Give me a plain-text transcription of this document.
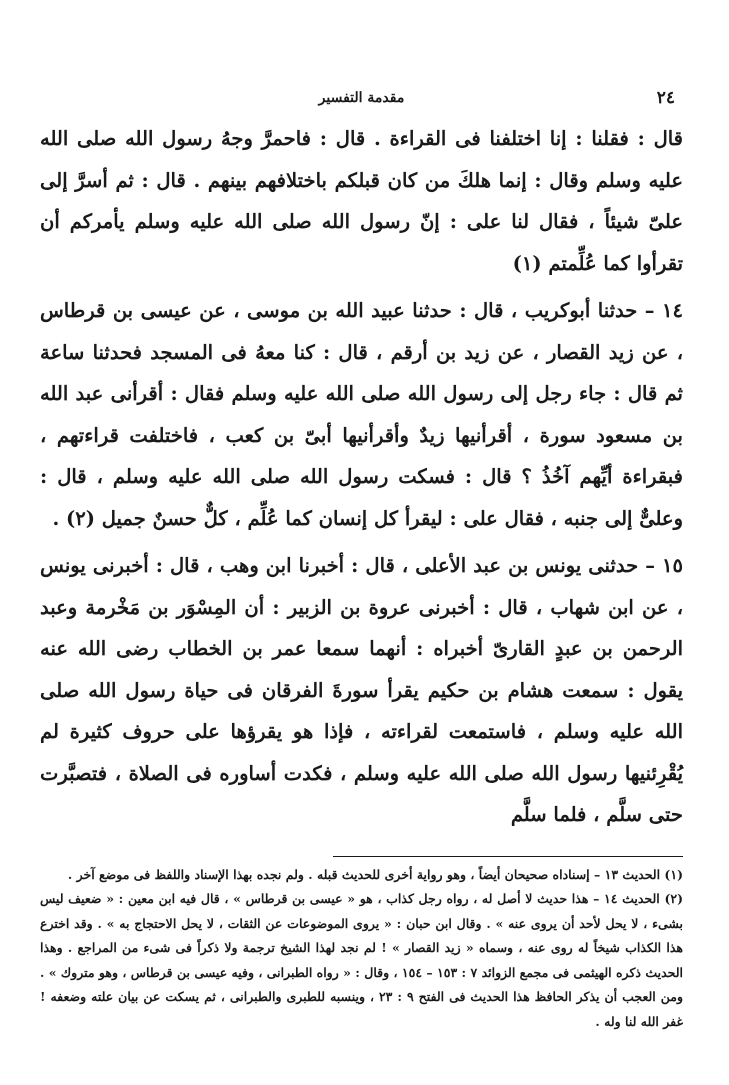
٢٤
مقدمة التفسير

قال : فقلنا : إنا اختلفنا فى القراءة . قال : فاحمرَّ وجهُ رسول الله صلى الله عليه وسلم وقال : إنما هلكَ من كان قبلكم باختلافهم بينهم . قال : ثم أسرَّ إلى علىّ شيئاً ، فقال لنا على : إنّ رسول الله صلى الله عليه وسلم يأمركم أن تقرأوا كما عُلِّمتم (١)

١٤ – حدثنا أبوكريب ، قال : حدثنا عبيد الله بن موسى ، عن عيسى بن قرطاس ، عن زيد القصار ، عن زيد بن أرقم ، قال : كنا معهُ فى المسجد فحدثنا ساعة ثم قال : جاء رجل إلى رسول الله صلى الله عليه وسلم فقال : أقرأنى عبد الله بن مسعود سورة ، أقرأنيها زيدٌ وأقرأنيها أبىّ بن كعب ، فاختلفت قراءتهم ، فبقراءة أيِّهم آخُذُ ؟ قال : فسكت رسول الله صلى الله عليه وسلم ، قال : وعلىٌّ إلى جنبه ، فقال على : ليقرأ كل إنسان كما عُلِّم ، كلٌّ حسنٌ جميل (٢) .

١٥ – حدثنى يونس بن عبد الأعلى ، قال : أخبرنا ابن وهب ، قال : أخبرنى يونس ، عن ابن شهاب ، قال : أخبرنى عروة بن الزبير : أن المِسْوَر بن مَخْرمة وعبد الرحمن بن عبدٍ القارىّ أخبراه : أنهما سمعا عمر بن الخطاب رضى الله عنه يقول : سمعت هشام بن حكيم يقرأ سورةَ الفرقان فى حياة رسول الله صلى الله عليه وسلم ، فاستمعت لقراءته ، فإذا هو يقرؤها على حروف كثيرة لم يُقْرِئنيها رسول الله صلى الله عليه وسلم ، فكدت أساوره فى الصلاة ، فتصبَّرت حتى سلَّم ، فلما سلَّم

(١) الحديث ١٣ – إسناداه صحيحان أيضاً ، وهو رواية أخرى للحديث قبله . ولم نجده بهذا الإسناد واللفظ فى موضع آخر .

(٢) الحديث ١٤ – هذا حديث لا أصل له ، رواه رجل كذاب ، هو « عيسى بن قرطاس » ، قال فيه ابن معين : « ضعيف ليس بشىء ، لا يحل لأحد أن يروى عنه » . وقال ابن حبان : « يروى الموضوعات عن الثقات ، لا يحل الاحتجاج به » . وقد اخترع هذا الكذاب شيخاً له روى عنه ، وسماه « زيد القصار » ! لم نجد لهذا الشيخ ترجمة ولا ذكراً فى شىء من المراجع . وهذا الحديث ذكره الهيثمى فى مجمع الزوائد ٧ : ١٥٣ – ١٥٤ ، وقال : « رواه الطبرانى ، وفيه عيسى بن قرطاس ، وهو متروك » . ومن العجب أن يذكر الحافظ هذا الحديث فى الفتح ٩ : ٢٣ ، وينسبه للطبرى والطبرانى ، ثم يسكت عن بيان علته وضعفه ! غفر الله لنا وله .
